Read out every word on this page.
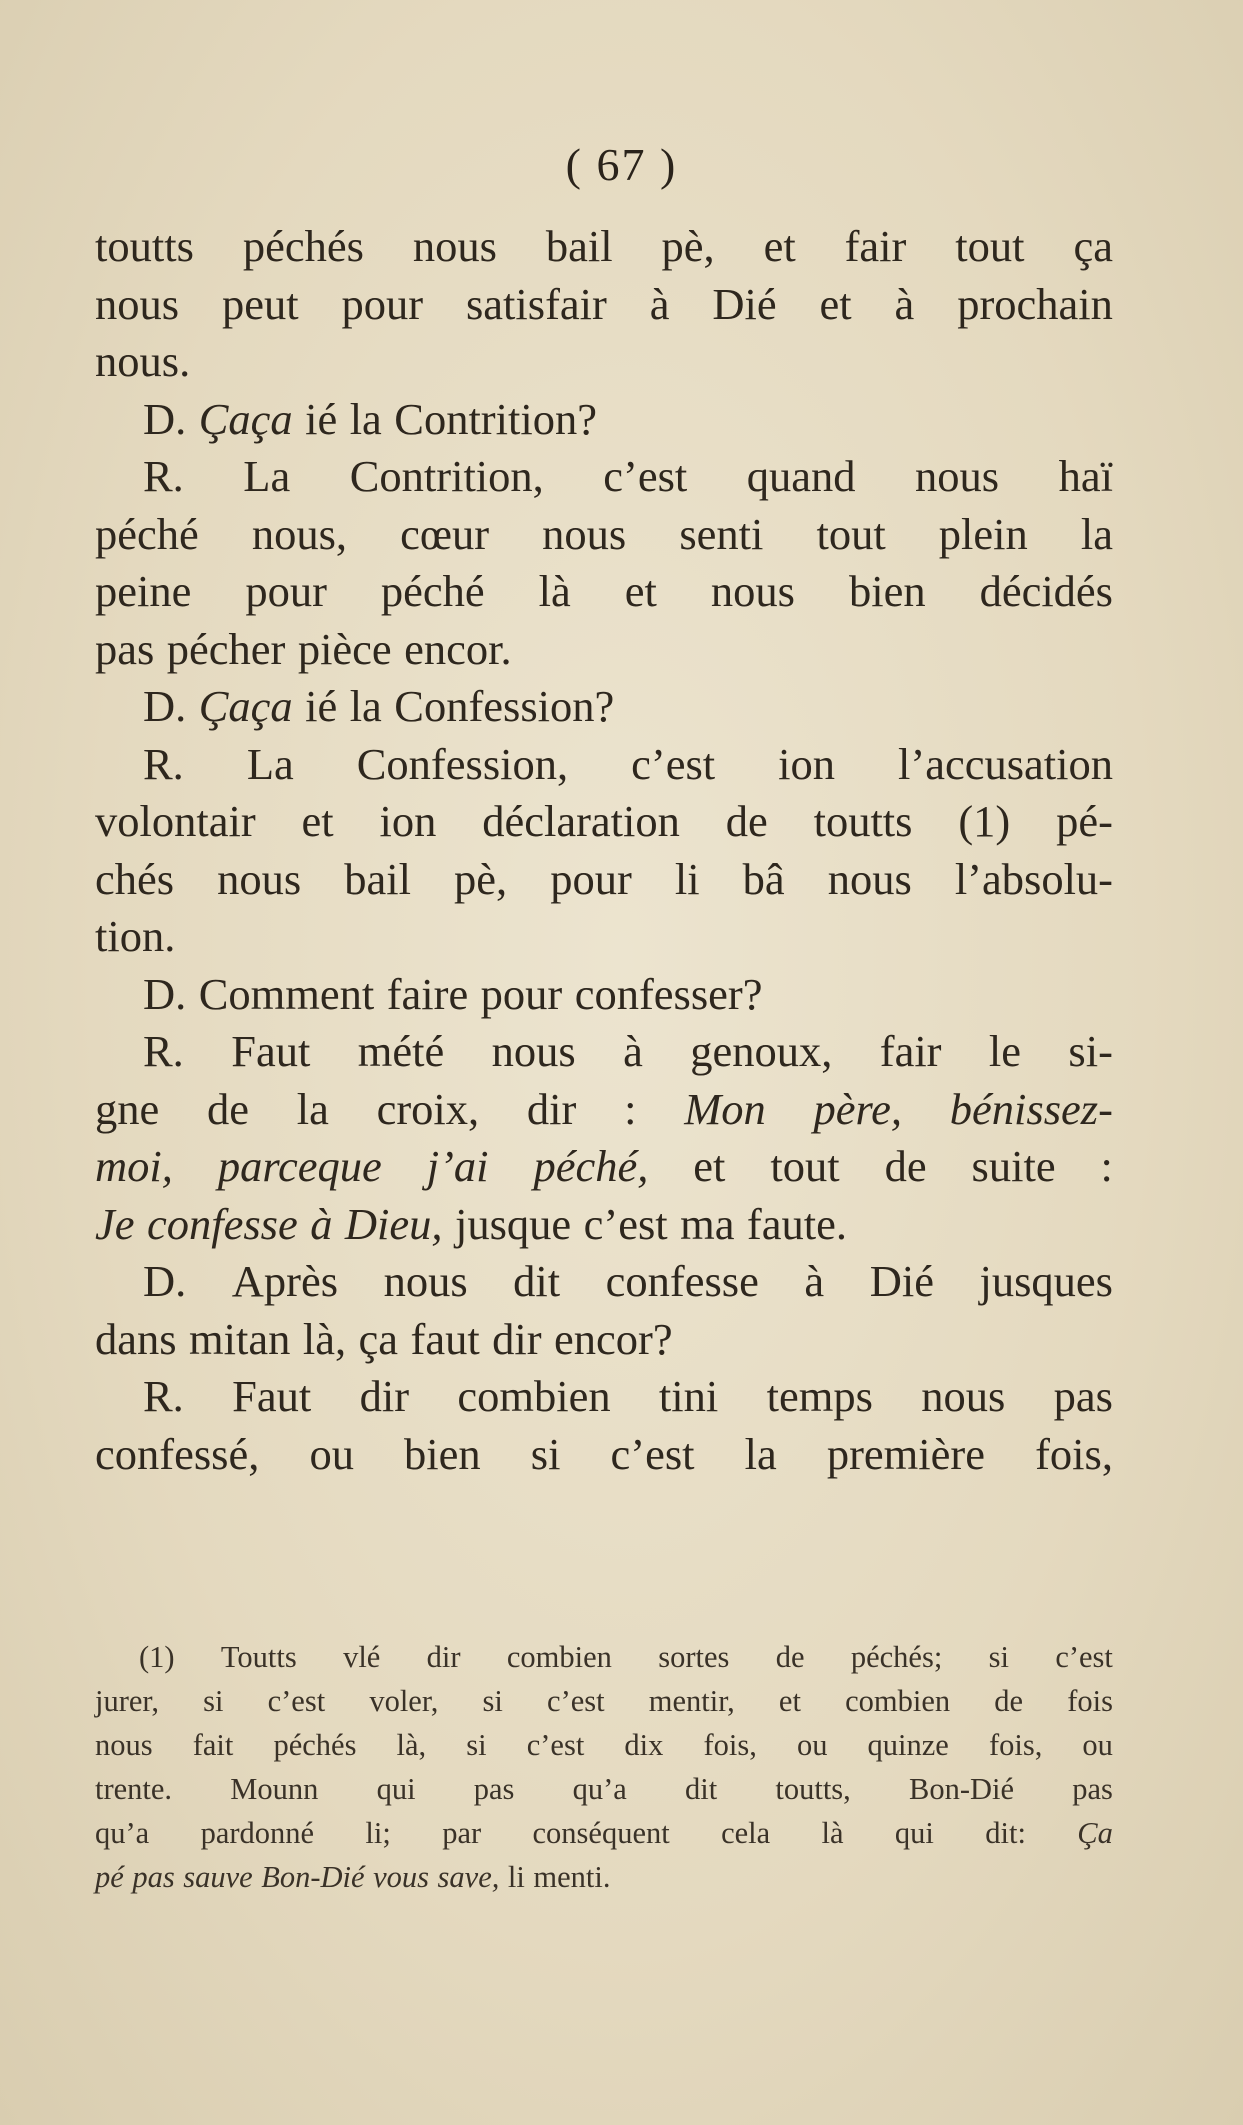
( 67 )
toutts péchés nous bail pè, et fair tout ça
nous peut pour satisfair à Dié et à prochain
nous.
D. Çaça ié la Contrition?
R. La Contrition, c’est quand nous haï
péché nous, cœur nous senti tout plein la
peine pour péché là et nous bien décidés
pas pécher pièce encor.
D. Çaça ié la Confession?
R. La Confession, c’est ion l’accusation
volontair et ion déclaration de toutts (1) pé-
chés nous bail pè, pour li bâ nous l’absolu-
tion.
D. Comment faire pour confesser?
R. Faut mété nous à genoux, fair le si-
gne de la croix, dir : Mon père, bénissez-
moi, parceque j’ai péché, et tout de suite :
Je confesse à Dieu, jusque c’est ma faute.
D. Après nous dit confesse à Dié jusques
dans mitan là, ça faut dir encor?
R. Faut dir combien tini temps nous pas
confessé, ou bien si c’est la première fois,
(1) Toutts vlé dir combien sortes de péchés; si c’est
jurer, si c’est voler, si c’est mentir, et combien de fois
nous fait péchés là, si c’est dix fois, ou quinze fois, ou
trente. Mounn qui pas qu’a dit toutts, Bon-Dié pas
qu’a pardonné li; par conséquent cela là qui dit: Ça
pé pas sauve Bon-Dié vous save, li menti.
